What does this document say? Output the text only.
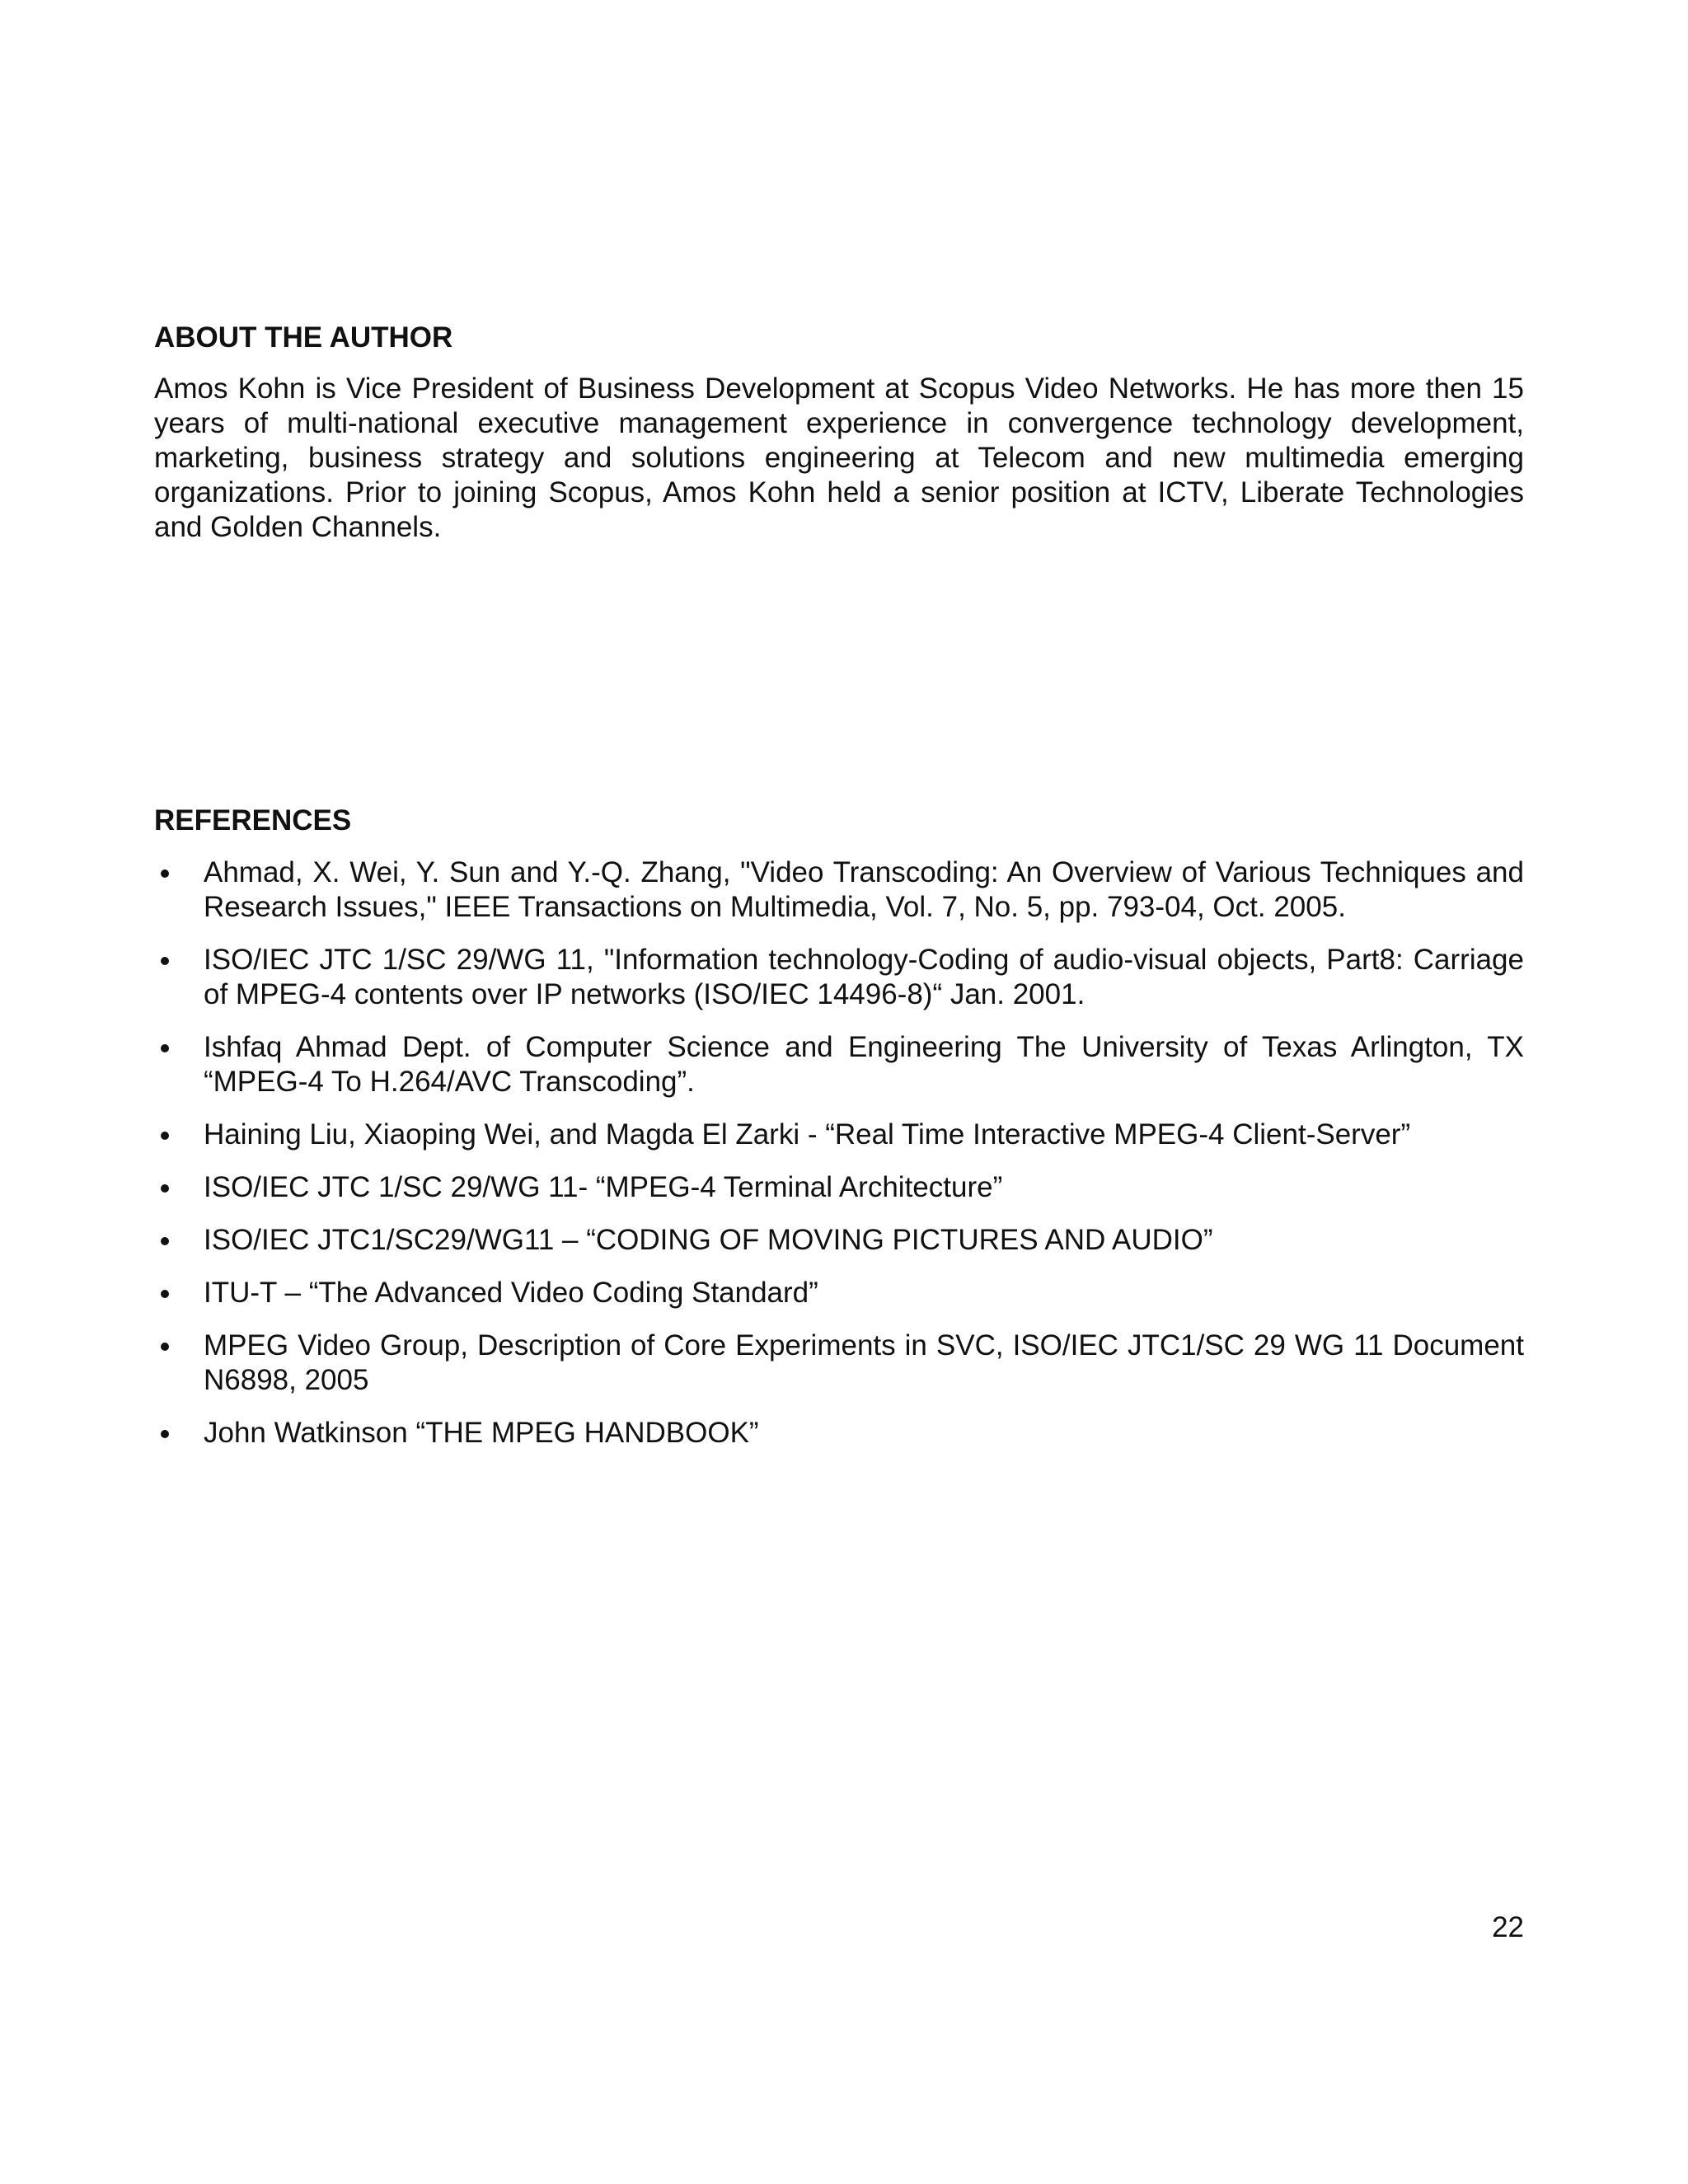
ABOUT THE AUTHOR

Amos Kohn is Vice President of Business Development at Scopus Video Networks. He has more then 15 years of multi-national executive management experience in convergence technology development, marketing, business strategy and solutions engineering at Telecom and new multimedia emerging organizations. Prior to joining Scopus, Amos Kohn held a senior position at ICTV, Liberate Technologies and Golden Channels.

REFERENCES
Ahmad, X. Wei, Y. Sun and Y.-Q. Zhang, "Video Transcoding: An Overview of Various Techniques and Research Issues," IEEE Transactions on Multimedia, Vol. 7, No. 5, pp. 793-04, Oct. 2005.
ISO/IEC JTC 1/SC 29/WG 11, "Information technology-Coding of audio-visual objects, Part8: Carriage of MPEG-4 contents over IP networks (ISO/IEC 14496-8)“ Jan. 2001.
Ishfaq Ahmad Dept. of Computer Science and Engineering The University of Texas Arlington, TX “MPEG-4 To H.264/AVC Transcoding”.
Haining Liu, Xiaoping Wei, and Magda El Zarki - “Real Time Interactive MPEG-4 Client-Server”
ISO/IEC JTC 1/SC 29/WG 11- “MPEG-4 Terminal Architecture”
ISO/IEC JTC1/SC29/WG11 – “CODING OF MOVING PICTURES AND AUDIO”
ITU-T – “The Advanced Video Coding Standard”
MPEG Video Group, Description of Core Experiments in SVC, ISO/IEC JTC1/SC 29 WG 11 Document N6898, 2005
John Watkinson “THE MPEG HANDBOOK”
22
